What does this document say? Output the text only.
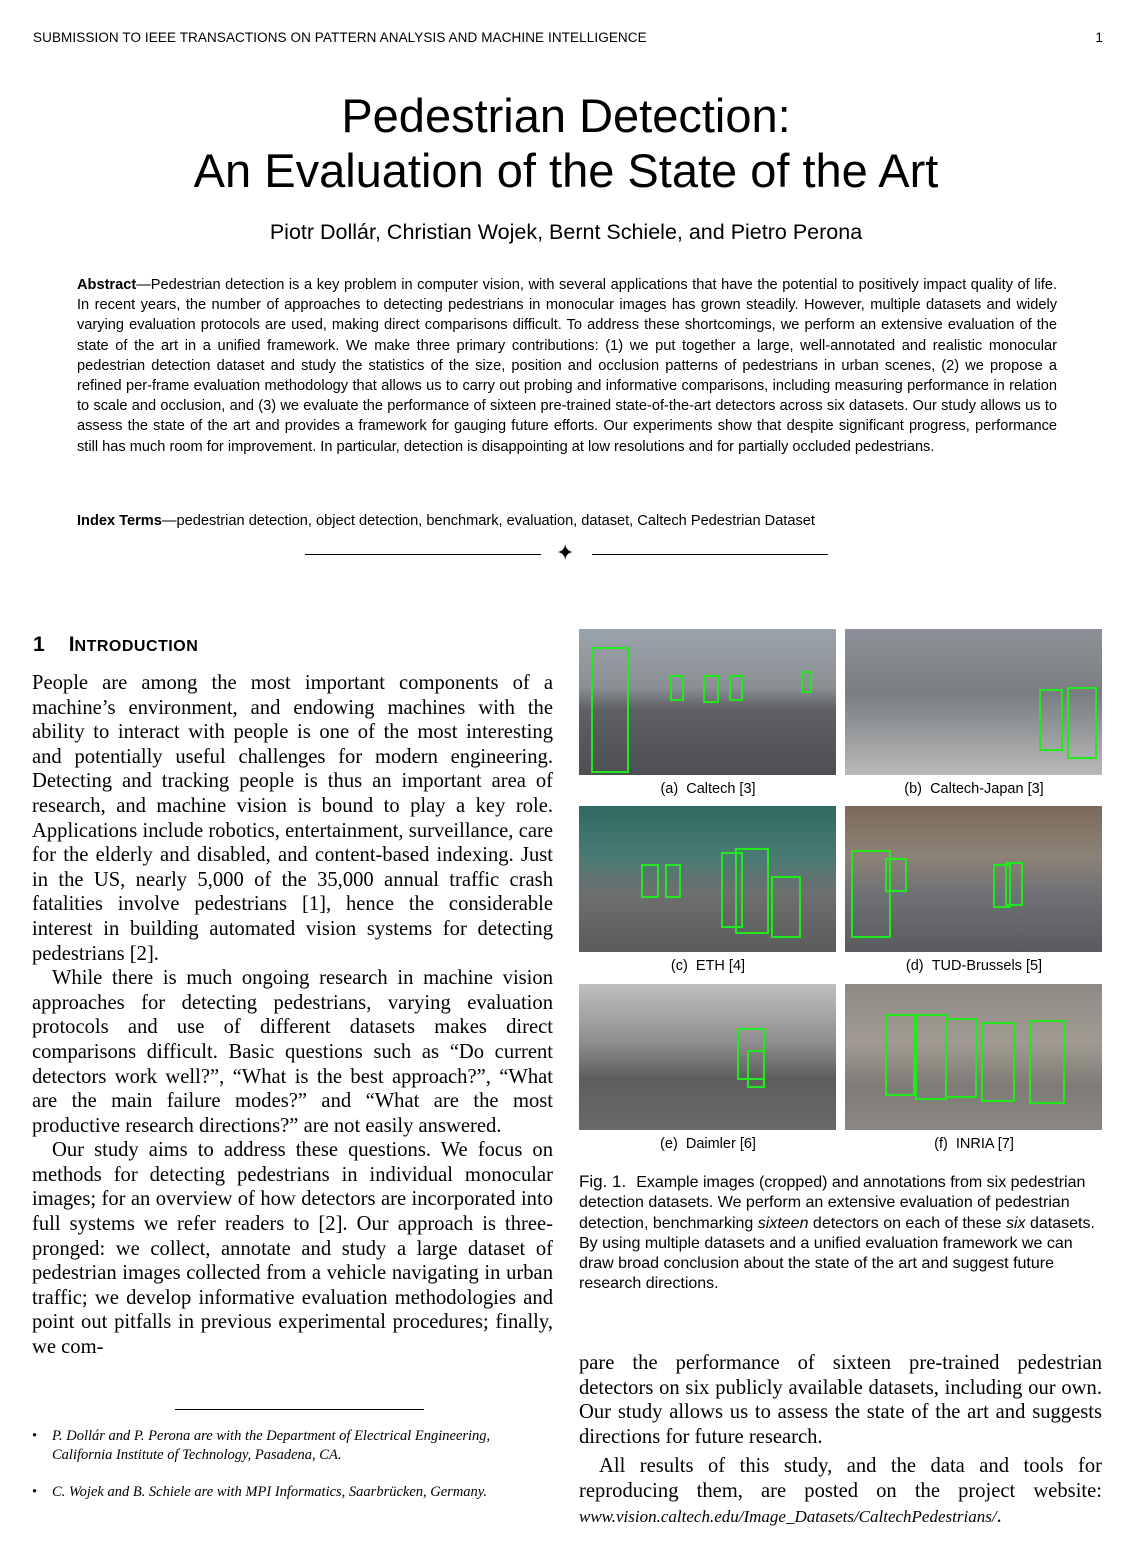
SUBMISSION TO IEEE TRANSACTIONS ON PATTERN ANALYSIS AND MACHINE INTELLIGENCE	1
Pedestrian Detection:
An Evaluation of the State of the Art
Piotr Dollár, Christian Wojek, Bernt Schiele, and Pietro Perona
Abstract—Pedestrian detection is a key problem in computer vision, with several applications that have the potential to positively impact quality of life. In recent years, the number of approaches to detecting pedestrians in monocular images has grown steadily. However, multiple datasets and widely varying evaluation protocols are used, making direct comparisons difficult. To address these shortcomings, we perform an extensive evaluation of the state of the art in a unified framework. We make three primary contributions: (1) we put together a large, well-annotated and realistic monocular pedestrian detection dataset and study the statistics of the size, position and occlusion patterns of pedestrians in urban scenes, (2) we propose a refined per-frame evaluation methodology that allows us to carry out probing and informative comparisons, including measuring performance in relation to scale and occlusion, and (3) we evaluate the performance of sixteen pre-trained state-of-the-art detectors across six datasets. Our study allows us to assess the state of the art and provides a framework for gauging future efforts. Our experiments show that despite significant progress, performance still has much room for improvement. In particular, detection is disappointing at low resolutions and for partially occluded pedestrians.
Index Terms—pedestrian detection, object detection, benchmark, evaluation, dataset, Caltech Pedestrian Dataset
✦
1 INTRODUCTION

People are among the most important components of a machine’s environment, and endowing machines with the ability to interact with people is one of the most interesting and potentially useful challenges for modern engineering. Detecting and tracking people is thus an important area of research, and machine vision is bound to play a key role. Applications include robotics, entertainment, surveillance, care for the elderly and disabled, and content-based indexing. Just in the US, nearly 5,000 of the 35,000 annual traffic crash fatalities involve pedestrians [1], hence the considerable interest in building automated vision systems for detecting pedestrians [2].

While there is much ongoing research in machine vision approaches for detecting pedestrians, varying evaluation protocols and use of different datasets makes direct comparisons difficult. Basic questions such as “Do current detectors work well?”, “What is the best approach?”, “What are the main failure modes?” and “What are the most productive research directions?” are not easily answered.

Our study aims to address these questions. We focus on methods for detecting pedestrians in individual monocular images; for an overview of how detectors are incorporated into full systems we refer readers to [2]. Our approach is three-pronged: we collect, annotate and study a large dataset of pedestrian images collected from a vehicle navigating in urban traffic; we develop informative evaluation methodologies and point out pitfalls in previous experimental procedures; finally, we com-

• P. Dollár and P. Perona are with the Department of Electrical Engineering, California Institute of Technology, Pasadena, CA.
• C. Wojek and B. Schiele are with MPI Informatics, Saarbrücken, Germany.
(a) Caltech [3]	(b) Caltech-Japan [3]
(c) ETH [4]	(d) TUD-Brussels [5]
(e) Daimler [6]	(f) INRIA [7]
Fig. 1. Example images (cropped) and annotations from six pedestrian detection datasets. We perform an extensive evaluation of pedestrian detection, benchmarking sixteen detectors on each of these six datasets. By using multiple datasets and a unified evaluation framework we can draw broad conclusion about the state of the art and suggest future research directions.

pare the performance of sixteen pre-trained pedestrian detectors on six publicly available datasets, including our own. Our study allows us to assess the state of the art and suggests directions for future research.

All results of this study, and the data and tools for reproducing them, are posted on the project website: www.vision.caltech.edu/Image_Datasets/CaltechPedestrians/.
